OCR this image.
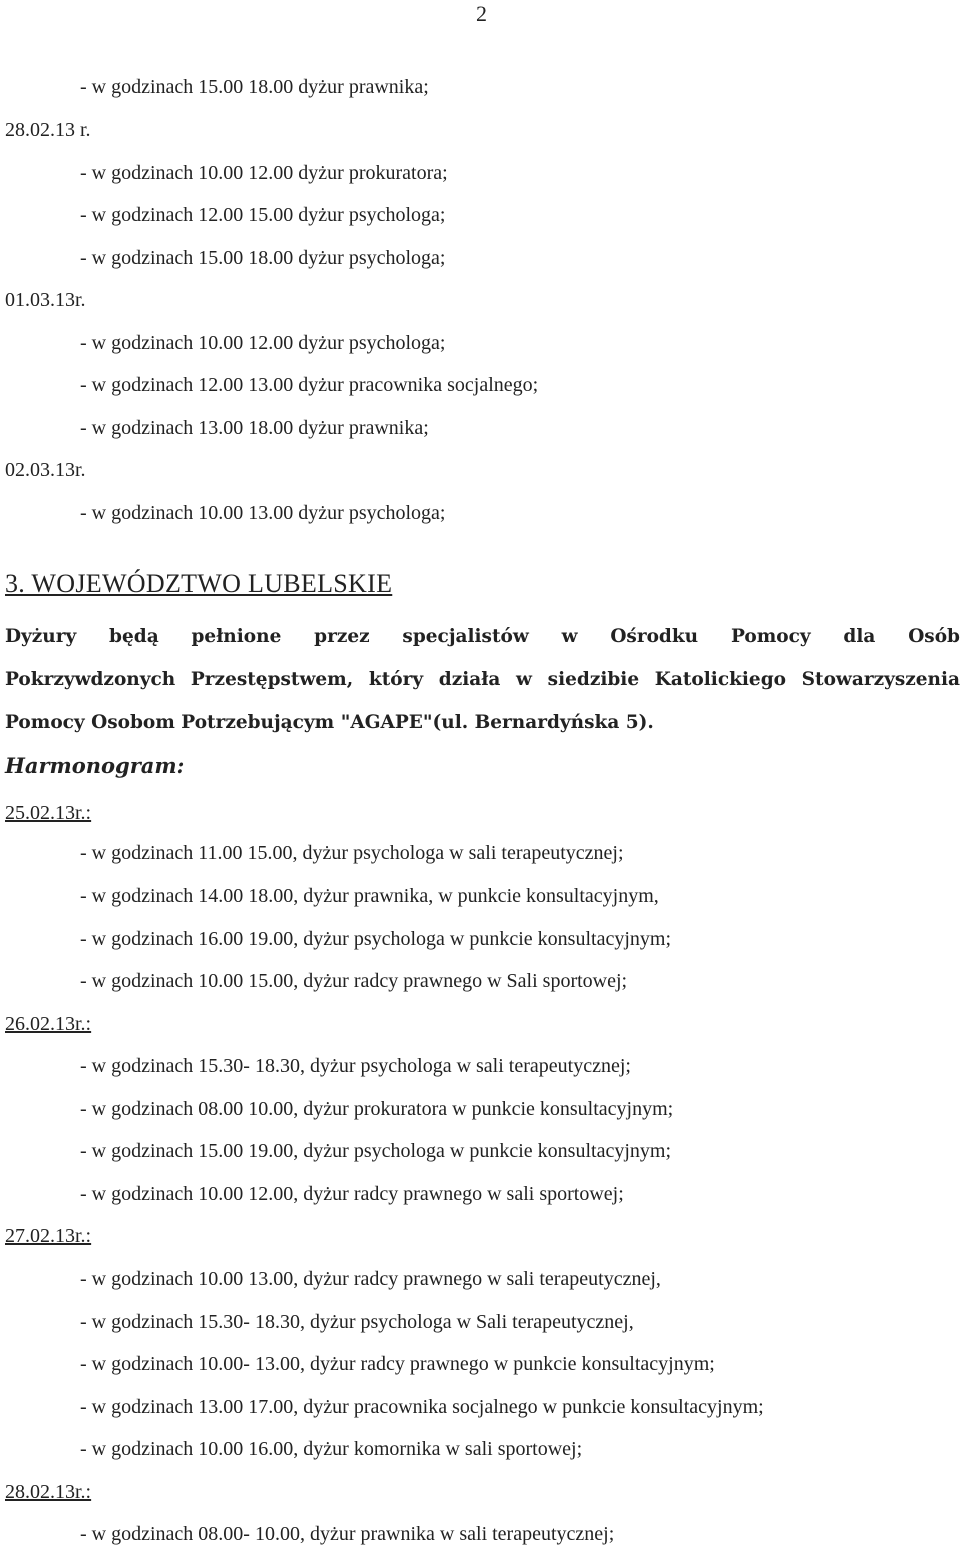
2
- w godzinach 15.00 18.00 dyżur prawnika;
28.02.13 r.
- w godzinach 10.00 12.00 dyżur prokuratora;
- w godzinach 12.00 15.00 dyżur psychologa;
- w godzinach 15.00 18.00 dyżur psychologa;
01.03.13r.
- w godzinach 10.00 12.00 dyżur psychologa;
- w godzinach 12.00 13.00 dyżur pracownika socjalnego;
- w godzinach 13.00 18.00 dyżur prawnika;
02.03.13r.
- w godzinach 10.00 13.00 dyżur psychologa;
3. WOJEWÓDZTWO LUBELSKIE
Dyżury będą pełnione przez specjalistów w Ośrodku Pomocy dla Osób
Pokrzywdzonych Przestępstwem, który działa w siedzibie Katolickiego Stowarzyszenia
Pomocy Osobom Potrzebującym "AGAPE"(ul. Bernardyńska 5).
Harmonogram:
25.02.13r.:
- w godzinach 11.00 15.00, dyżur psychologa w sali terapeutycznej;
- w godzinach 14.00 18.00, dyżur prawnika, w punkcie konsultacyjnym,
- w godzinach 16.00 19.00, dyżur psychologa w punkcie konsultacyjnym;
- w godzinach 10.00 15.00, dyżur radcy prawnego w Sali sportowej;
26.02.13r.:
- w godzinach 15.30- 18.30, dyżur psychologa w sali terapeutycznej;
- w godzinach 08.00 10.00, dyżur prokuratora w punkcie konsultacyjnym;
- w godzinach 15.00 19.00, dyżur psychologa w punkcie konsultacyjnym;
- w godzinach 10.00 12.00, dyżur radcy prawnego w sali sportowej;
27.02.13r.:
- w godzinach 10.00 13.00, dyżur radcy prawnego w sali terapeutycznej,
- w godzinach 15.30- 18.30, dyżur psychologa w Sali terapeutycznej,
- w godzinach 10.00- 13.00, dyżur radcy prawnego w punkcie konsultacyjnym;
- w godzinach 13.00 17.00, dyżur pracownika socjalnego w punkcie konsultacyjnym;
- w godzinach 10.00 16.00, dyżur komornika w sali sportowej;
28.02.13r.:
- w godzinach 08.00- 10.00, dyżur prawnika w sali terapeutycznej;
